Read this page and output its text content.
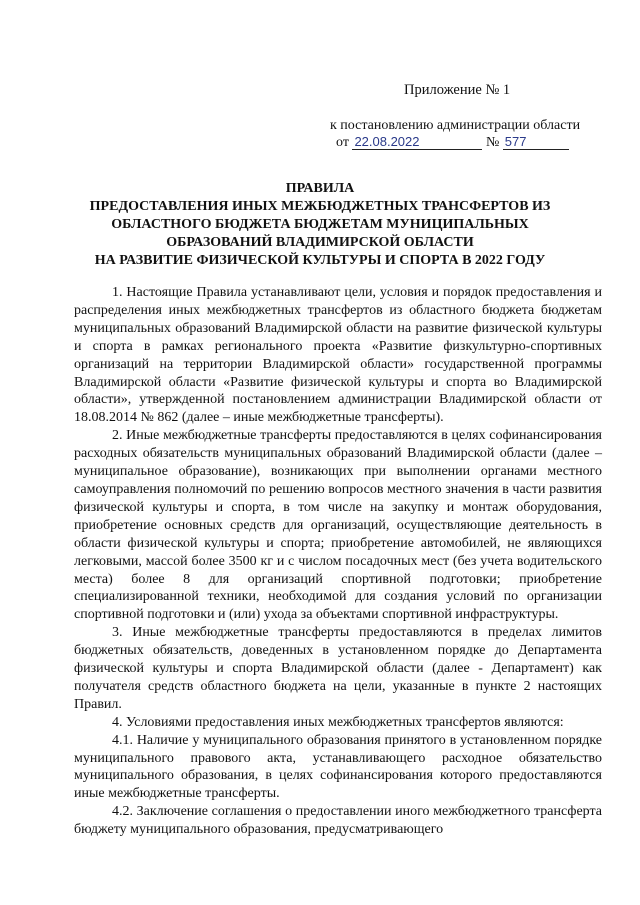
Приложение № 1
к постановлению администрации области
от 22.08.2022	№ 577
ПРАВИЛА
ПРЕДОСТАВЛЕНИЯ ИНЫХ МЕЖБЮДЖЕТНЫХ ТРАНСФЕРТОВ ИЗ
ОБЛАСТНОГО БЮДЖЕТА БЮДЖЕТАМ МУНИЦИПАЛЬНЫХ
ОБРАЗОВАНИЙ ВЛАДИМИРСКОЙ ОБЛАСТИ
НА РАЗВИТИЕ ФИЗИЧЕСКОЙ КУЛЬТУРЫ И СПОРТА В 2022 ГОДУ

1. Настоящие Правила устанавливают цели, условия и порядок предоставления и распределения иных межбюджетных трансфертов из областного бюджета бюджетам муниципальных образований Владимирской области на развитие физической культуры и спорта в рамках регионального проекта «Развитие физкультурно-спортивных организаций на территории Владимирской области» государственной программы Владимирской области «Развитие физической культуры и спорта во Владимирской области», утвержденной постановлением администрации Владимирской области от 18.08.2014 № 862 (далее – иные межбюджетные трансферты).

2. Иные межбюджетные трансферты предоставляются в целях софинансирования расходных обязательств муниципальных образований Владимирской области (далее – муниципальное образование), возникающих при выполнении органами местного самоуправления полномочий по решению вопросов местного значения в части развития физической культуры и спорта, в том числе на закупку и монтаж оборудования, приобретение основных средств для организаций, осуществляющие деятельность в области физической культуры и спорта; приобретение автомобилей, не являющихся легковыми, массой более 3500 кг и с числом посадочных мест (без учета водительского места) более 8 для организаций спортивной подготовки; приобретение специализированной техники, необходимой для создания условий по организации спортивной подготовки и (или) ухода за объектами спортивной инфраструктуры.

3. Иные межбюджетные трансферты предоставляются в пределах лимитов бюджетных обязательств, доведенных в установленном порядке до Департамента физической культуры и спорта Владимирской области (далее - Департамент) как получателя средств областного бюджета на цели, указанные в пункте 2 настоящих Правил.

4. Условиями предоставления иных межбюджетных трансфертов являются:

4.1. Наличие у муниципального образования принятого в установленном порядке муниципального правового акта, устанавливающего расходное обязательство муниципального образования, в целях софинансирования которого предоставляются иные межбюджетные трансферты.

4.2. Заключение соглашения о предоставлении иного межбюджетного трансферта бюджету муниципального образования, предусматривающего
